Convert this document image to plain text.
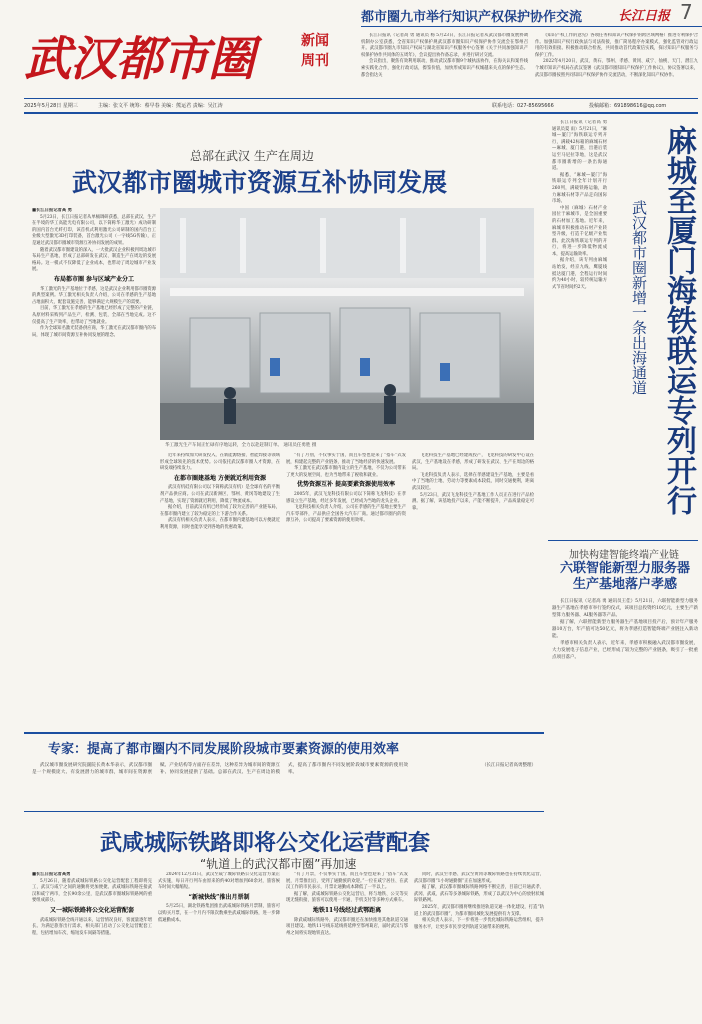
都市圈九市举行知识产权保护协作交流	长江日报 7
武汉都市圈	新闻
周刊

长江日报讯（记者高 勇 通讯员 杨 5月23日，长江日报记者从武汉都市圈发展协调机制办公室获悉，全省知识产权保护规武汉都市圈知识产权保护协作交流会在鄂州召开。武汉都市圈九市知识产权局与湖北省知识产权服务中心签署《关于共同加强知识产权保护协作共同体的五周年》，会议提出协作备忘录，并进行研讨交流。

会议指出，聚焦有效利用联动，推动武汉都市圈9个城执法协作，在海关认和案件线索实践化合作，强化行政司法，擦鉴价值，加快形成知识产权城越来关点的保护生态。 都会指达关

《知识产权工作的意见》各项任务和知识产权保护的跨区域网格）推进专利保护合作。加强知识产权行政执法与司法衔接，推广简易程序办案模式，强化监管对行政运用的有效衔接。积极推动联合检查，共同推动首代政策信实践，探讨知识产权服务与保护工作。

2022年4月20日，武汉、黄石、鄂州、孝感、黄冈、咸宁、仙桃、天门、潜江九个城市知识产权局在武汉签署《武汉都市圈知识产权保护工作协议》，协议签署以来，武汉都市圈按照共同知识产权保护协作交流活动，不断深化知识产权协作。

2025年5月28日 星期三	主编：张文平 统筹：蔡早春 美编：熊运君 责编：吴江涛	联系电话：027-85695666	投稿邮箱：691898616@qq.com
总部在武汉 生产在周边
武汉都市圈城市资源互补协同发展

■长江日报记者高 勇

5月23日，长江日报记者从单桶调研获悉，总部在武汉，生产在半境的华工高能光电有限公司，以下简称华工激光）成功研制的国内首台光纤打印，该首机式利用激光公司研制的国内首台工业级大型激光3D打印装备，首台激光公司（一字线5G传输），正是通过武汉都市圈城市资源互补协同发展的成果。

随着武汉都市圈建设的深入，一大批武汉企业积极到周边城市布局生产基地，形成了总部研发在武汉、制造生产在周边的发展格局。这一模式不仅降低了企业成本，也带动了周边城市产业发展。

布局都市圈 参与区域产业分工

华工激光的生产基地位于孝感，这是武汉企业利用都市圈资源的典型案例。华工激光相关负责人介绍，公司在孝感的生产基地占地面积大，配套设施完善，能够满足大规模生产的需要。

目前，华工激光在孝感的生产基地已经形成了完整的产业链，从原材料采购到产品生产、检测、包装，全部在当地完成。这不仅提高了生产效率，也带动了当地就业。

作为全球知名激光装备供应商，华工激光在武汉都市圈内的布局，体现了城市间资源互补协同发展的理念。

华工激光生产车间正忙碌有序地运转，全力以赴赶制订单。 通讯员任勇胜 摄

近年来持续加大研发投入，在新能源熔接、智能焊接等领域形成全球领先的技术优势。公司依托武汉都市圈人才资源，在研发端持续发力。

在都市圈建基地 方便就近利用资源

武汉有机硅有限公司以下简称武汉有机）是全球有名的平衡剂产品供应商。公司在武汉新洲区、鄂州、黄冈等地建设了生产基地，实现了资源就近利用，降低了物流成本。

据介绍，目前武汉有机已经形成了较为完善的产业链布局，在都市圈内建立了较为稳定的上下游合作关系。

武汉有机相关负责人表示，在都市圈内建基地可以方便就近利用资源，同时也能享受到各地的优惠政策。

“有了月别，不仅事实于国，而且车型也迎来了“搭车”式发展，构建起完整的产业链条，推动了当地经济的快速发展。

华工激光在武汉都市圈内设立的生产基地，不仅为公司带来了更大的发展空间，也为当地带来了税收和就业。

优势资源互补 提高要素资源使用效率

2005年，武汉飞龙科技有限公司以下简称飞龙科技）在孝感设立生产基地，经过多年发展，已经成为当地的龙头企业。

飞龙科技相关负责人介绍，公司在孝感的生产基地主要生产汽车零部件，产品供应全国各大汽车厂商。通过都市圈内的资源互补，公司提高了要素资源的使用效率。

飞龙科技生产基地已经建成投产，飞龙科技的研发中心设在武汉，生产基地设在孝感，形成了研发在武汉、生产在周边的格局。

飞龙科技负责人表示，选择在孝感建设生产基地，主要是看中了当地的土地、劳动力等要素成本较低，同时交通便利，距离武汉较近。

5月23日，武汉飞龙科技生产基地工作人员正在进行产品检测。据了解，该基地投产以来，产能不断提升，产品质量稳定可靠。

专家：提高了都市圈内不同发展阶段城市要素资源的使用效率

武汉城市圈发展研究院副院长黄本华表示，武汉都市圈是一个规模庞大、有发展潜力的城市群，城市间在资源禀赋、产业结构等方面存在差异，这种差异为城市间的资源互补、协同发展提供了基础。总部在武汉、生产在周边的模式，提高了都市圈内不同发展阶段城市要素资源的使用效率。

（长江日报记者高勇整理）

长江日报讯（记者高 勇 通讯员夏 雨）5月21日，“麻城—厦门”海铁联运专列开行，满载42标箱的麻城石材—麻城、厦门港，出港后装运至马尼拉等地，这是武汉都市圈新增的一条出海通道。

据悉，“麻城—厦门”海铁联运专列全年计划开行260列，满载铁路运输，助力麻城石材等产品走向国际市场。

中国（麻城）石材产业园位于麻城市，是全国重要的石材加工基地。近年来，麻城市积极推动石材产业转型升级，打造千亿级产业集群。此次海铁联运专列的开行，将进一步降低物流成本，提高运输效率。

据介绍，该专列由麻城站始发，经京九线、鹰厦线抵达厦门港，全程运行时间约为40小时，较传统运输方式节省时间约2天。	麻城至厦门海铁联运专列开行
武汉都市圈新增一条出海通道
加快构建智能终端产业链
六联智能新型力服务器生产基地落户孝感

长江日报讯（记者高 勇 通讯员王佳）5月21日，六联智能新型力服务器生产基地在孝感市举行签约仪式，该项目总投资约10亿元，主要生产新型算力服务器、AI服务器等产品。

据了解，六联智能新型力服务器生产基地项目投产后，预计年产服务器10万台，年产值可达50亿元，将为孝感打造智能终端产业链注入新动能。

孝感市相关负责人表示，近年来，孝感市积极融入武汉都市圈发展，大力发展电子信息产业，已经形成了较为完整的产业链条，吸引了一批重点项目落户。

武咸城际铁路即将公交化运营配套
“轨道上的武汉都市圈”再加速

■长江日报记者高勇

5月26日，随着武咸城际铁路公交化运营配套工程即将完工，武汉与咸宁之间的通勤将更加便捷。武咸城际铁路连接武汉和咸宁两市，全长90余公里，是武汉都市圈城际铁路网的重要组成部分。

又一城际铁路将公交化运营配套

武咸城际铁路全线开通以来，运营情况良好，客流量逐年增长。为满足旅客出行需求，相关部门启动了公交化运营配套工程，包括增加车次、缩短发车间隔等措施。

2024年12月31日，武汉至咸宁城际铁路公交化运营方案正式实施，每日开行列车由原来的约40对增加到60余对，旅客候车时间大幅缩短。

“新城快线”推出月票制

5月25日，湖北铁路集团推出武咸城际铁路月票制，旅客可以购买月票，在一个月内不限次数乘坐武咸城际铁路，进一步降低通勤成本。

“有了月票，不仅事实于国，而且车型也迎来了“搭车”式发展，月票推出后，受到了通勤族的欢迎。”一位在咸宁居住、在武汉工作的市民表示，月票让通勤成本降低了一半以上。

据了解，武咸城际铁路公交化运营后，将与地铁、公交等实现无缝衔接，旅客可以使用一卡通、手机支付等多种方式乘车。

地铁11号线经过武鄂距离

除武咸城际铁路外，武汉都市圈还在加快推进其他轨道交通项目建设。地铁11号线东延线将延伸至鄂州葛店，届时武汉与鄂州之间将实现地铁直达。

同时，武汉至孝感、武汉至黄冈等城际铁路也在持续优化运营，武汉都市圈“1小时通勤圈”正在加速形成。

据了解，武汉都市圈城际铁路网络不断完善，目前已开通武孝、武冈、武咸、武石等多条城际铁路，形成了以武汉为中心的放射状城际铁路网。

2025年，武汉都市圈将继续推进轨道交通一体化建设，打造“轨道上的武汉都市圈”，为都市圈同城化发展提供有力支撑。

相关负责人表示，下一步将进一步优化城际铁路运营组织，提升服务水平，让更多市民享受到轨道交通带来的便利。
